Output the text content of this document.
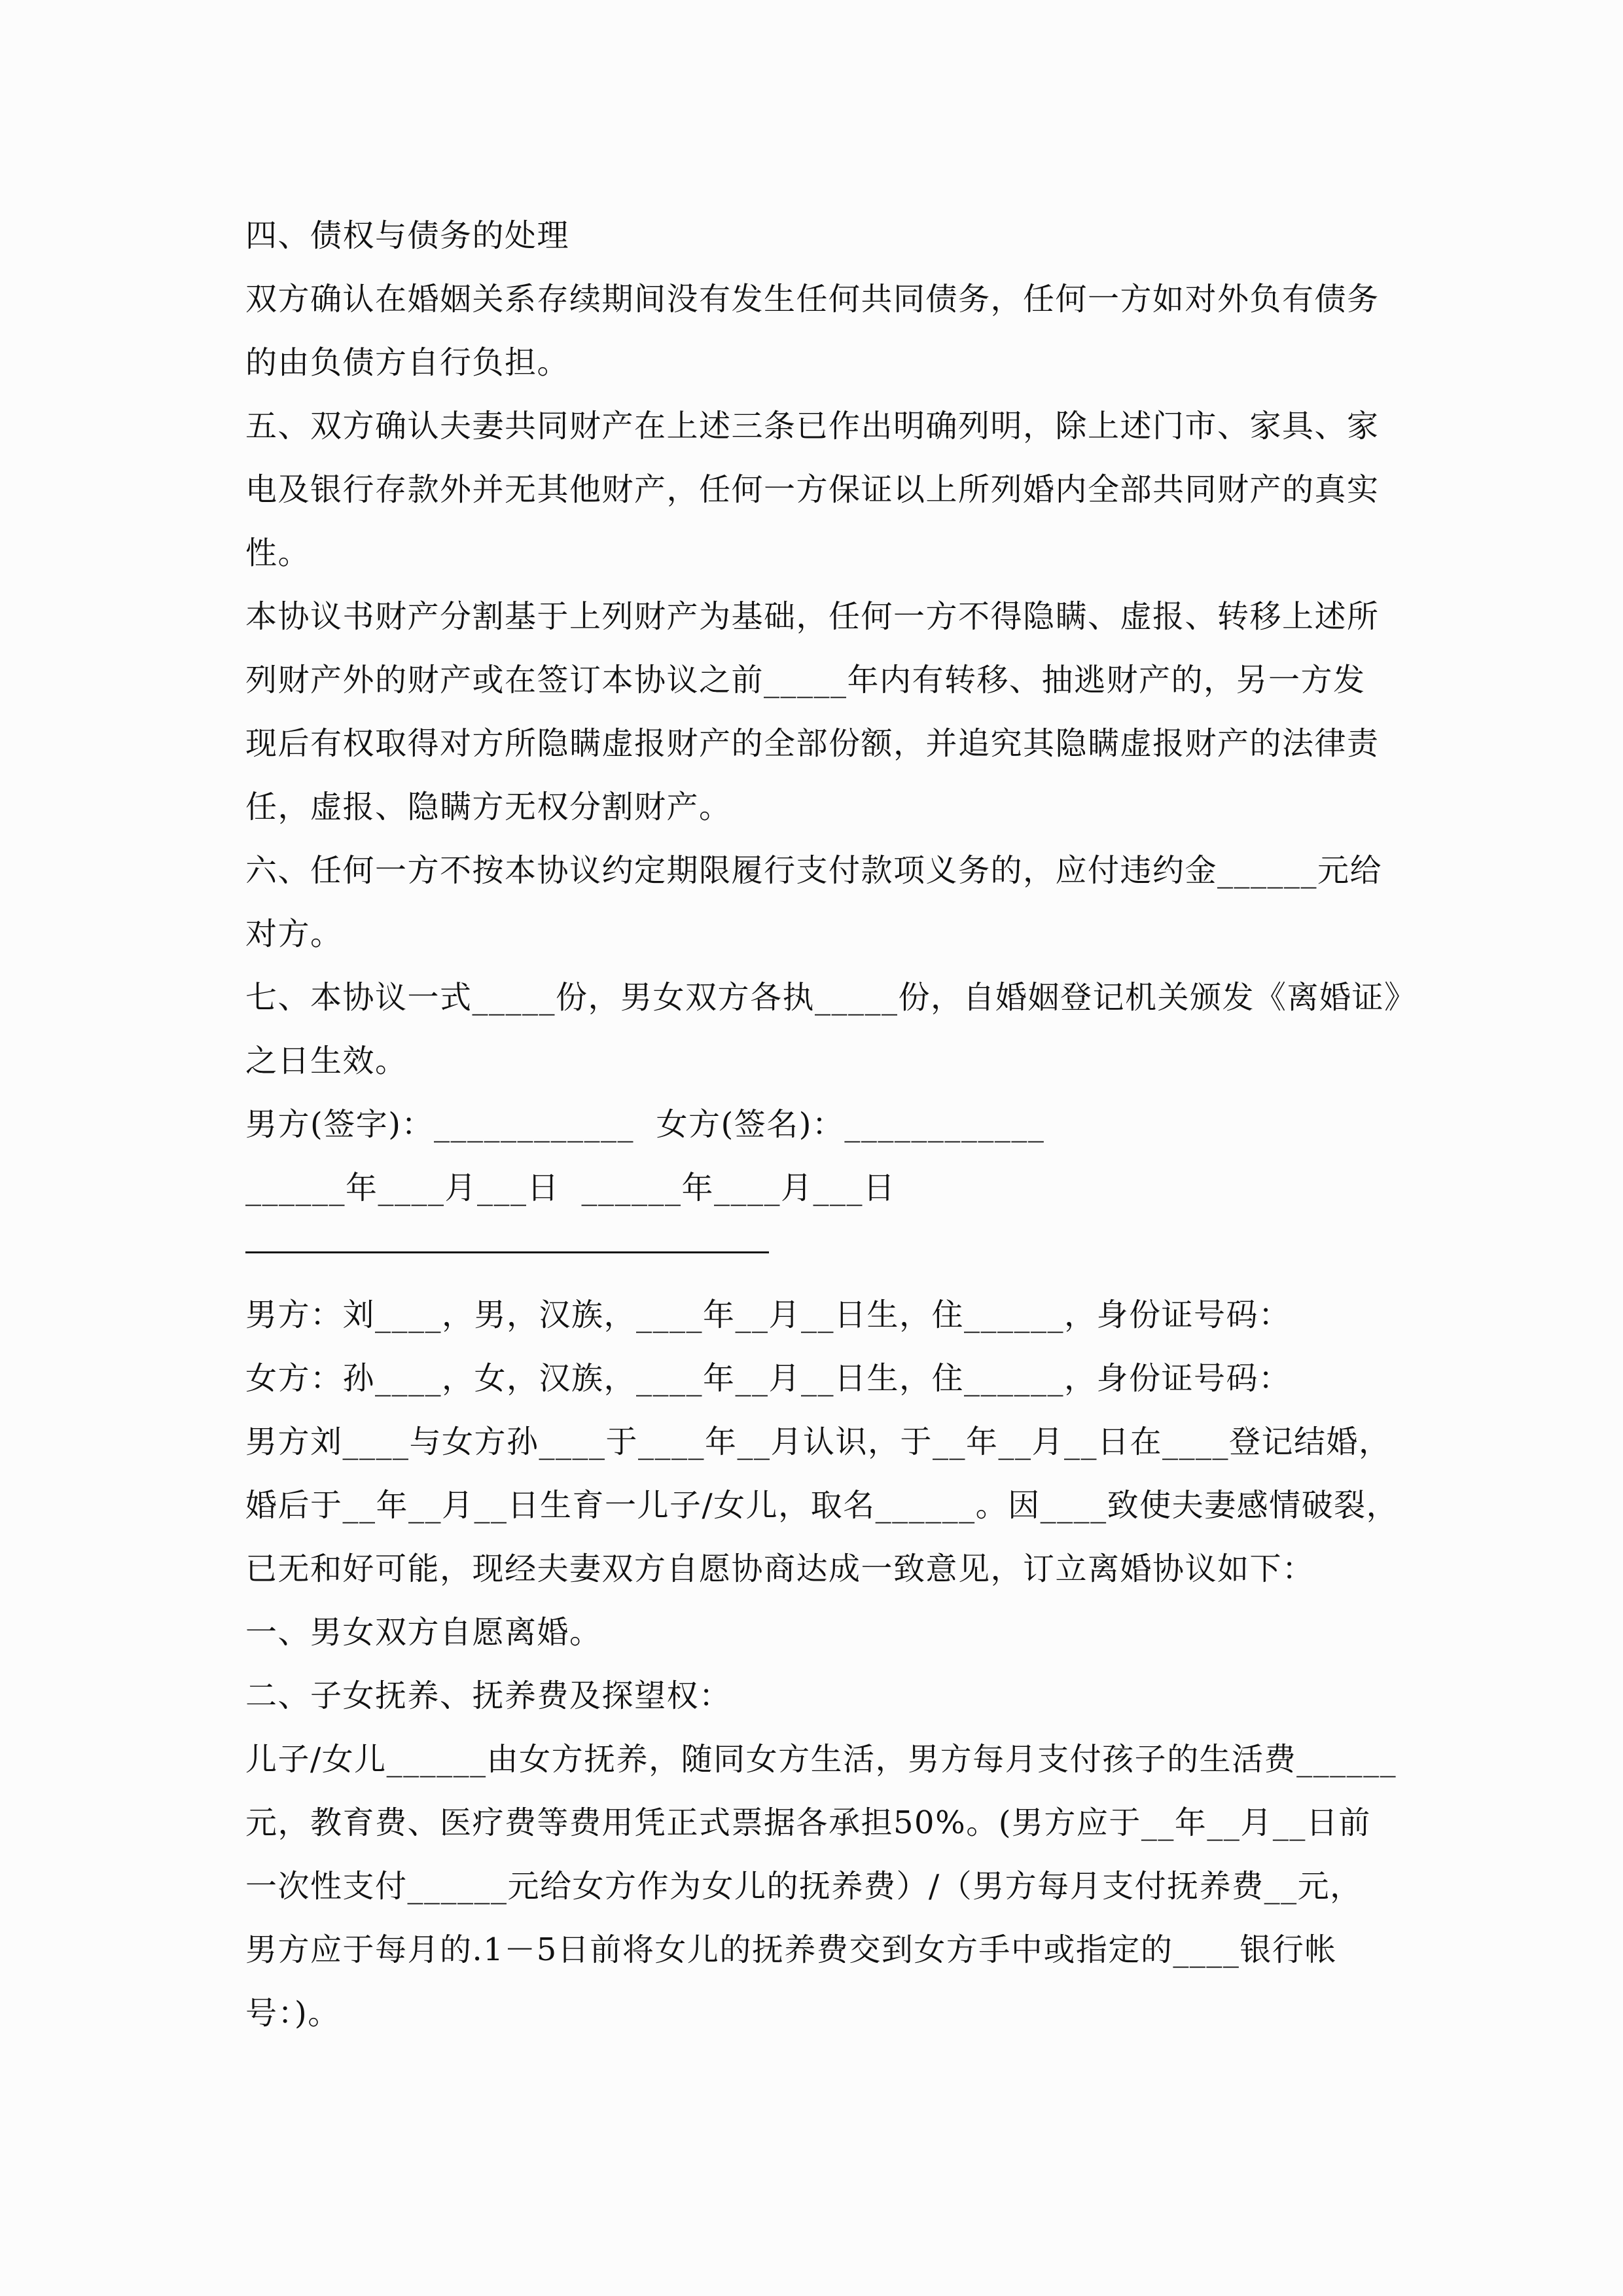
四、债权与债务的处理
双方确认在婚姻关系存续期间没有发生任何共同债务，任何一方如对外负有债务
的由负债方自行负担。
五、双方确认夫妻共同财产在上述三条已作出明确列明，除上述门市、家具、家
电及银行存款外并无其他财产，任何一方保证以上所列婚内全部共同财产的真实
性。
本协议书财产分割基于上列财产为基础，任何一方不得隐瞒、虚报、转移上述所
列财产外的财产或在签订本协议之前_____年内有转移、抽逃财产的，另一方发
现后有权取得对方所隐瞒虚报财产的全部份额，并追究其隐瞒虚报财产的法律责
任，虚报、隐瞒方无权分割财产。
六、任何一方不按本协议约定期限履行支付款项义务的，应付违约金______元给
对方。
七、本协议一式_____份，男女双方各执_____份，自婚姻登记机关颁发《离婚证》
之日生效。
男方(签字)：____________  女方(签名)：____________
______年____月___日  ______年____月___日
男方：刘____，男，汉族，____年__月__日生，住______，身份证号码：
女方：孙____，女，汉族，____年__月__日生，住______，身份证号码：
男方刘____与女方孙____于____年__月认识，于__年__月__日在____登记结婚，
婚后于__年__月__日生育一儿子/女儿，取名______。因____致使夫妻感情破裂，
已无和好可能，现经夫妻双方自愿协商达成一致意见，订立离婚协议如下：
一、男女双方自愿离婚。
二、子女抚养、抚养费及探望权：
儿子/女儿______由女方抚养，随同女方生活，男方每月支付孩子的生活费______
元，教育费、医疗费等费用凭正式票据各承担50%。(男方应于__年__月__日前
一次性支付______元给女方作为女儿的抚养费）/（男方每月支付抚养费__元，
男方应于每月的.1－5日前将女儿的抚养费交到女方手中或指定的____银行帐
号：)。
